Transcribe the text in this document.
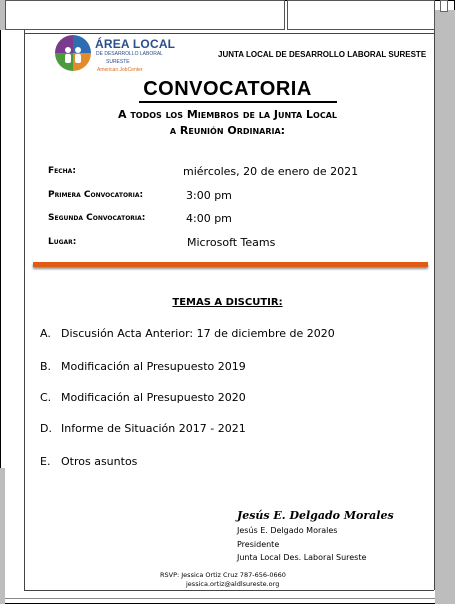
ÁREA LOCAL
DE DESARROLLO LABORAL
SURESTE
American JobCenter
JUNTA LOCAL DE DESARROLLO LABORAL SURESTE
CONVOCATORIA
A todos los Miembros de la Junta Local
a Reunión Ordinaria:
Fecha:	miércoles, 20 de enero de 2021
Primera Convocatoria:	3:00 pm
Segunda Convocatoria:	4:00 pm
Lugar:	Microsoft Teams
TEMAS A DISCUTIR:
A. Discusión Acta Anterior: 17 de diciembre de 2020
B. Modificación al Presupuesto 2019
C. Modificación al Presupuesto 2020
D. Informe de Situación 2017 - 2021
E. Otros asuntos
Jesús E. Delgado Morales
Jesús E. Delgado Morales
Presidente
Junta Local Des. Laboral Sureste
RSVP: Jessica Ortiz Cruz 787-656-0660
jessica.ortiz@aldlsureste.org
